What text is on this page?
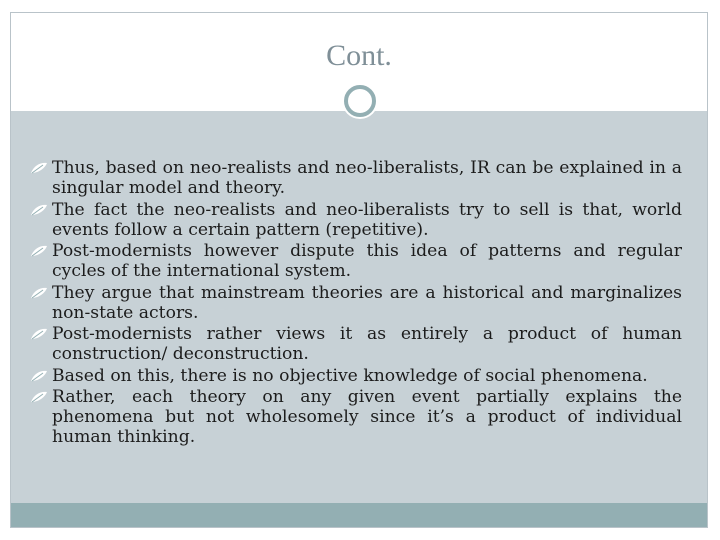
Cont.
Thus, based on neo-realists and neo-liberalists, IR can be explained in a singular model and theory.
The fact the neo-realists and neo-liberalists try to sell is that, world events follow a certain pattern (repetitive).
Post-modernists however dispute this idea of patterns and regular cycles of the international system.
They argue that mainstream theories are a historical and marginalizes non-state actors.
Post-modernists rather views it as entirely a product of human construction/ deconstruction.
Based on this, there is no objective knowledge of social phenomena.
Rather, each theory on any given event partially explains the phenomena but not wholesomely since it’s a product of individual human thinking.
